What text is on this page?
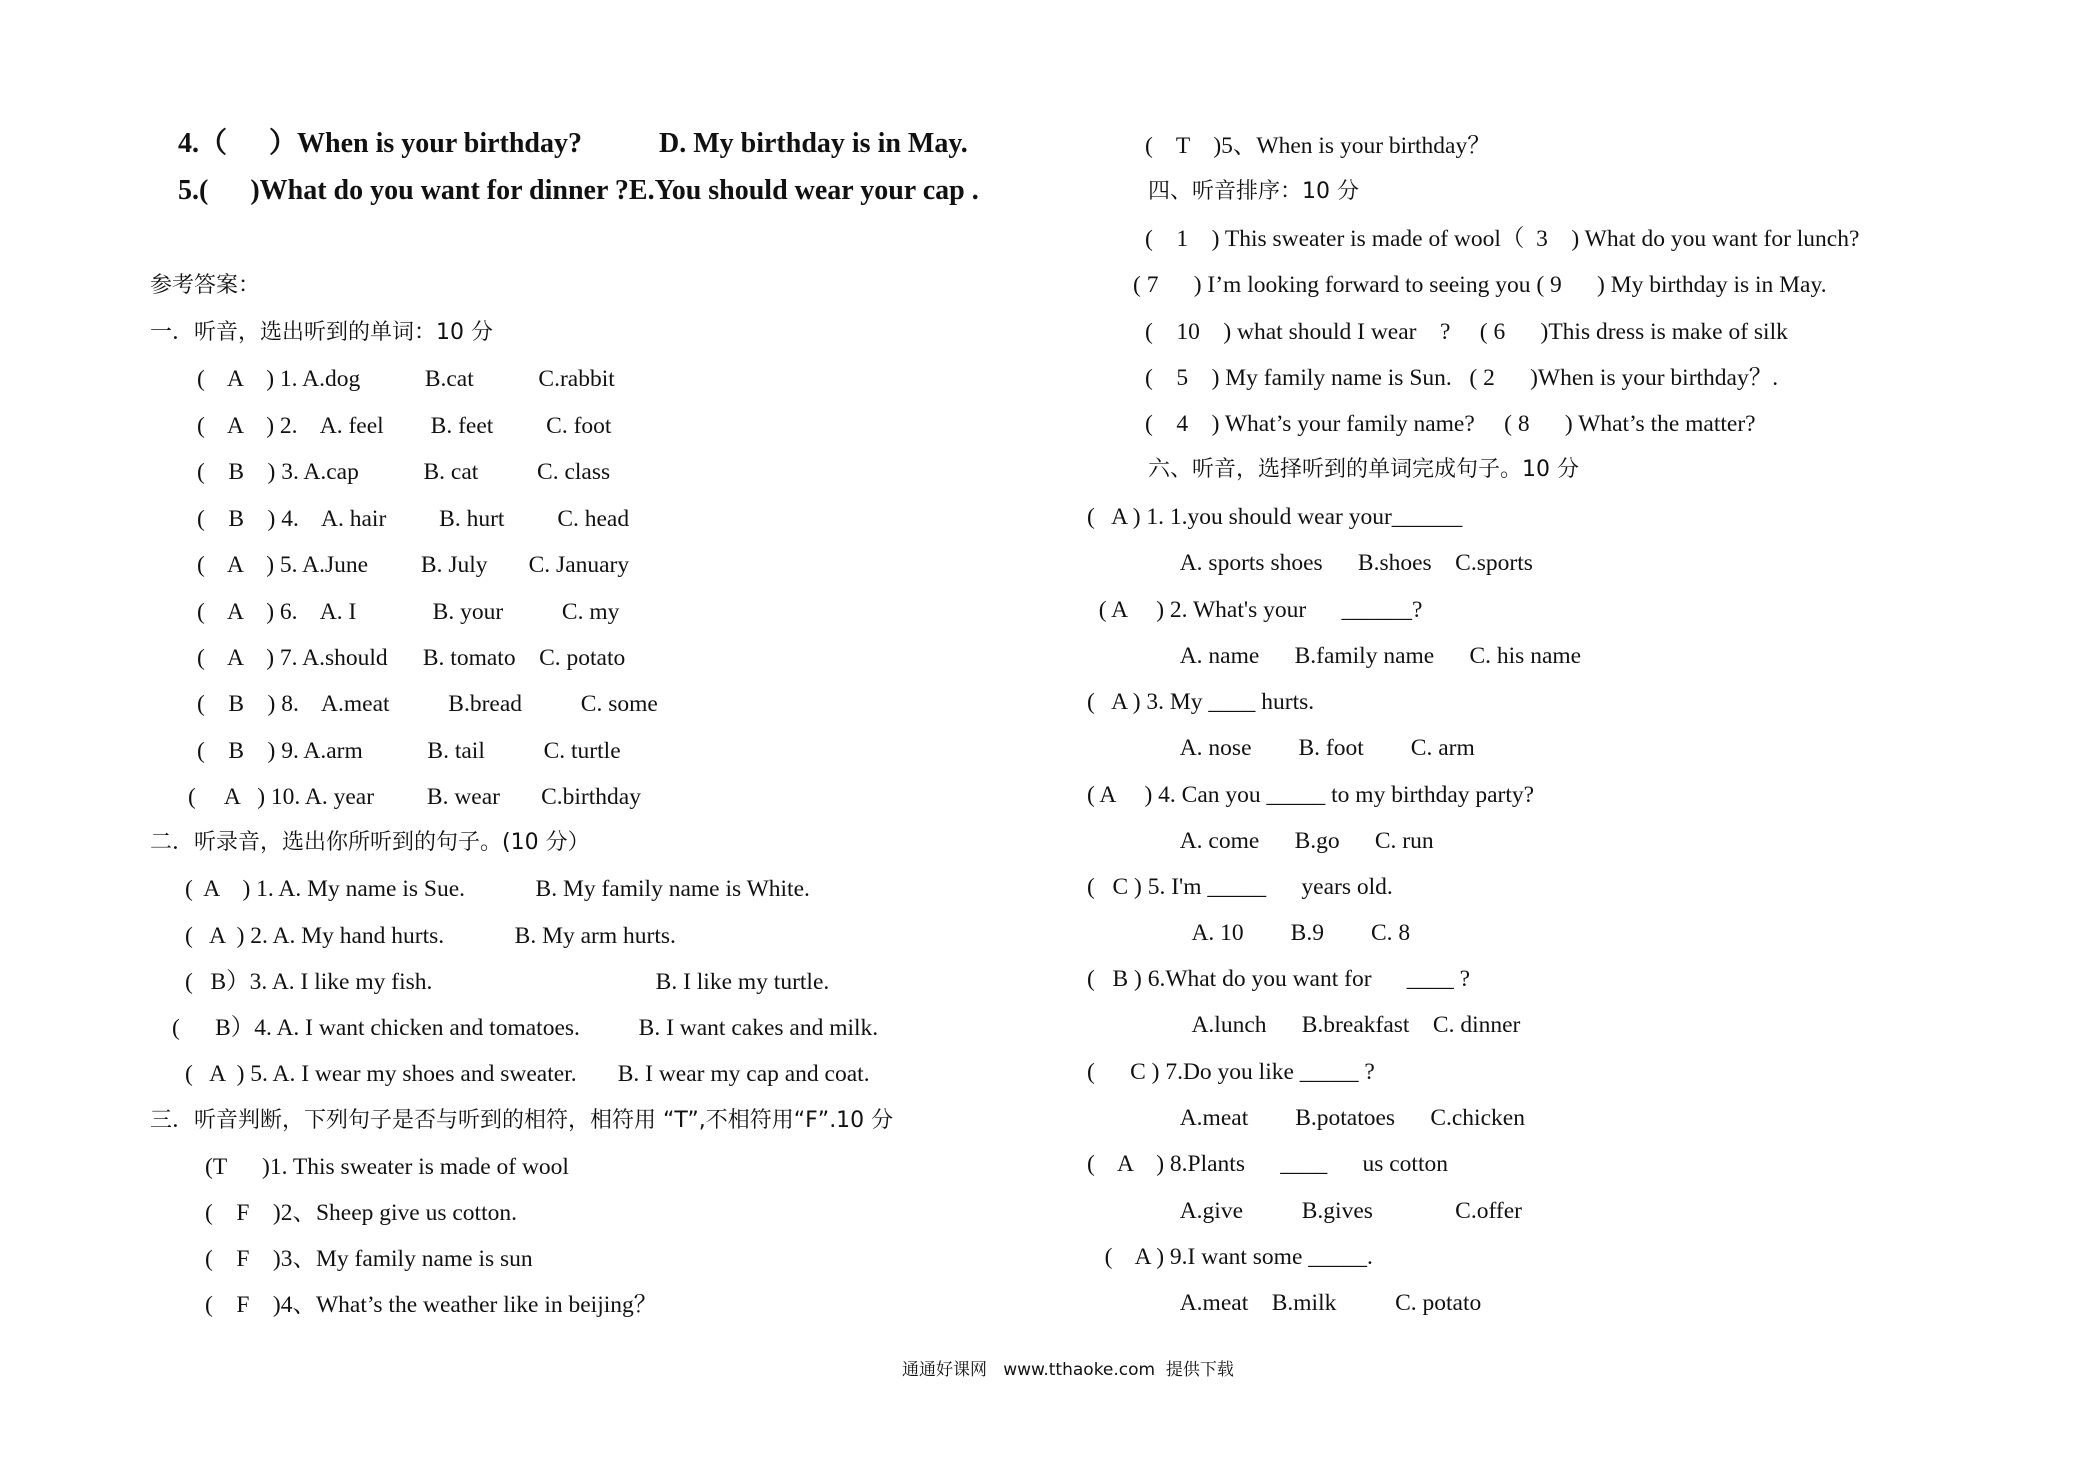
4.（      ）When is your birthday?           D. My birthday is in May.
5.(      )What do you want for dinner ?E.You should wear your cap .
参考答案：
一．听音，选出听到的单词：10 分
(    A    ) 1. A.dog           B.cat           C.rabbit
(    A    ) 2.    A. feel        B. feet         C. foot
(    B    ) 3. A.cap           B. cat          C. class
(    B    ) 4.    A. hair         B. hurt         C. head
(    A    ) 5. A.June         B. July       C. January
(    A    ) 6.    A. I             B. your          C. my
(    A    ) 7. A.should      B. tomato    C. potato
(    B    ) 8.    A.meat          B.bread          C. some
(    B    ) 9. A.arm           B. tail          C. turtle
(     A   ) 10. A. year         B. wear       C.birthday
二．听录音，选出你所听到的句子。(10 分）
(  A    ) 1. A. My name is Sue.            B. My family name is White.
(   A  ) 2. A. My hand hurts.            B. My arm hurts.
(   B）3. A. I like my fish.                                      B. I like my turtle.
(      B）4. A. I want chicken and tomatoes.          B. I want cakes and milk.
(   A  ) 5. A. I wear my shoes and sweater.       B. I wear my cap and coat.
三．听音判断，下列句子是否与听到的相符，相符用 “T”,不相符用“F”.10 分
(T      )1. This sweater is made of wool
(    F    )2、Sheep give us cotton.
(    F    )3、My family name is sun
(    F    )4、What’s the weather like in beijing？
(    T    )5、When is your birthday？
四、听音排序：10 分
(    1    ) This sweater is made of wool（  3    ) What do you want for lunch?
( 7      ) I’m looking forward to seeing you ( 9      ) My birthday is in May.
(    10    ) what should I wear    ?     ( 6      )This dress is make of silk
(    5    ) My family name is Sun.   ( 2      )When is your birthday？.
(    4    ) What’s your family name?     ( 8      ) What’s the matter?
六、听音，选择听到的单词完成句子。10 分
(   A ) 1. 1.you should wear your______
A. sports shoes      B.shoes    C.sports
( A     ) 2. What's your      ______?
A. name      B.family name      C. his name
(   A ) 3. My ____ hurts.
A. nose        B. foot        C. arm
( A     ) 4. Can you _____ to my birthday party?
A. come      B.go      C. run
(   C ) 5. I'm _____      years old.
A. 10        B.9        C. 8
(   B ) 6.What do you want for      ____ ?
A.lunch      B.breakfast    C. dinner
(      C ) 7.Do you like _____ ?
A.meat        B.potatoes      C.chicken
(    A    ) 8.Plants      ____      us cotton
A.give          B.gives              C.offer
(    A ) 9.I want some _____.
A.meat    B.milk          C. potato
通通好课网   www.tthaoke.com  提供下载
